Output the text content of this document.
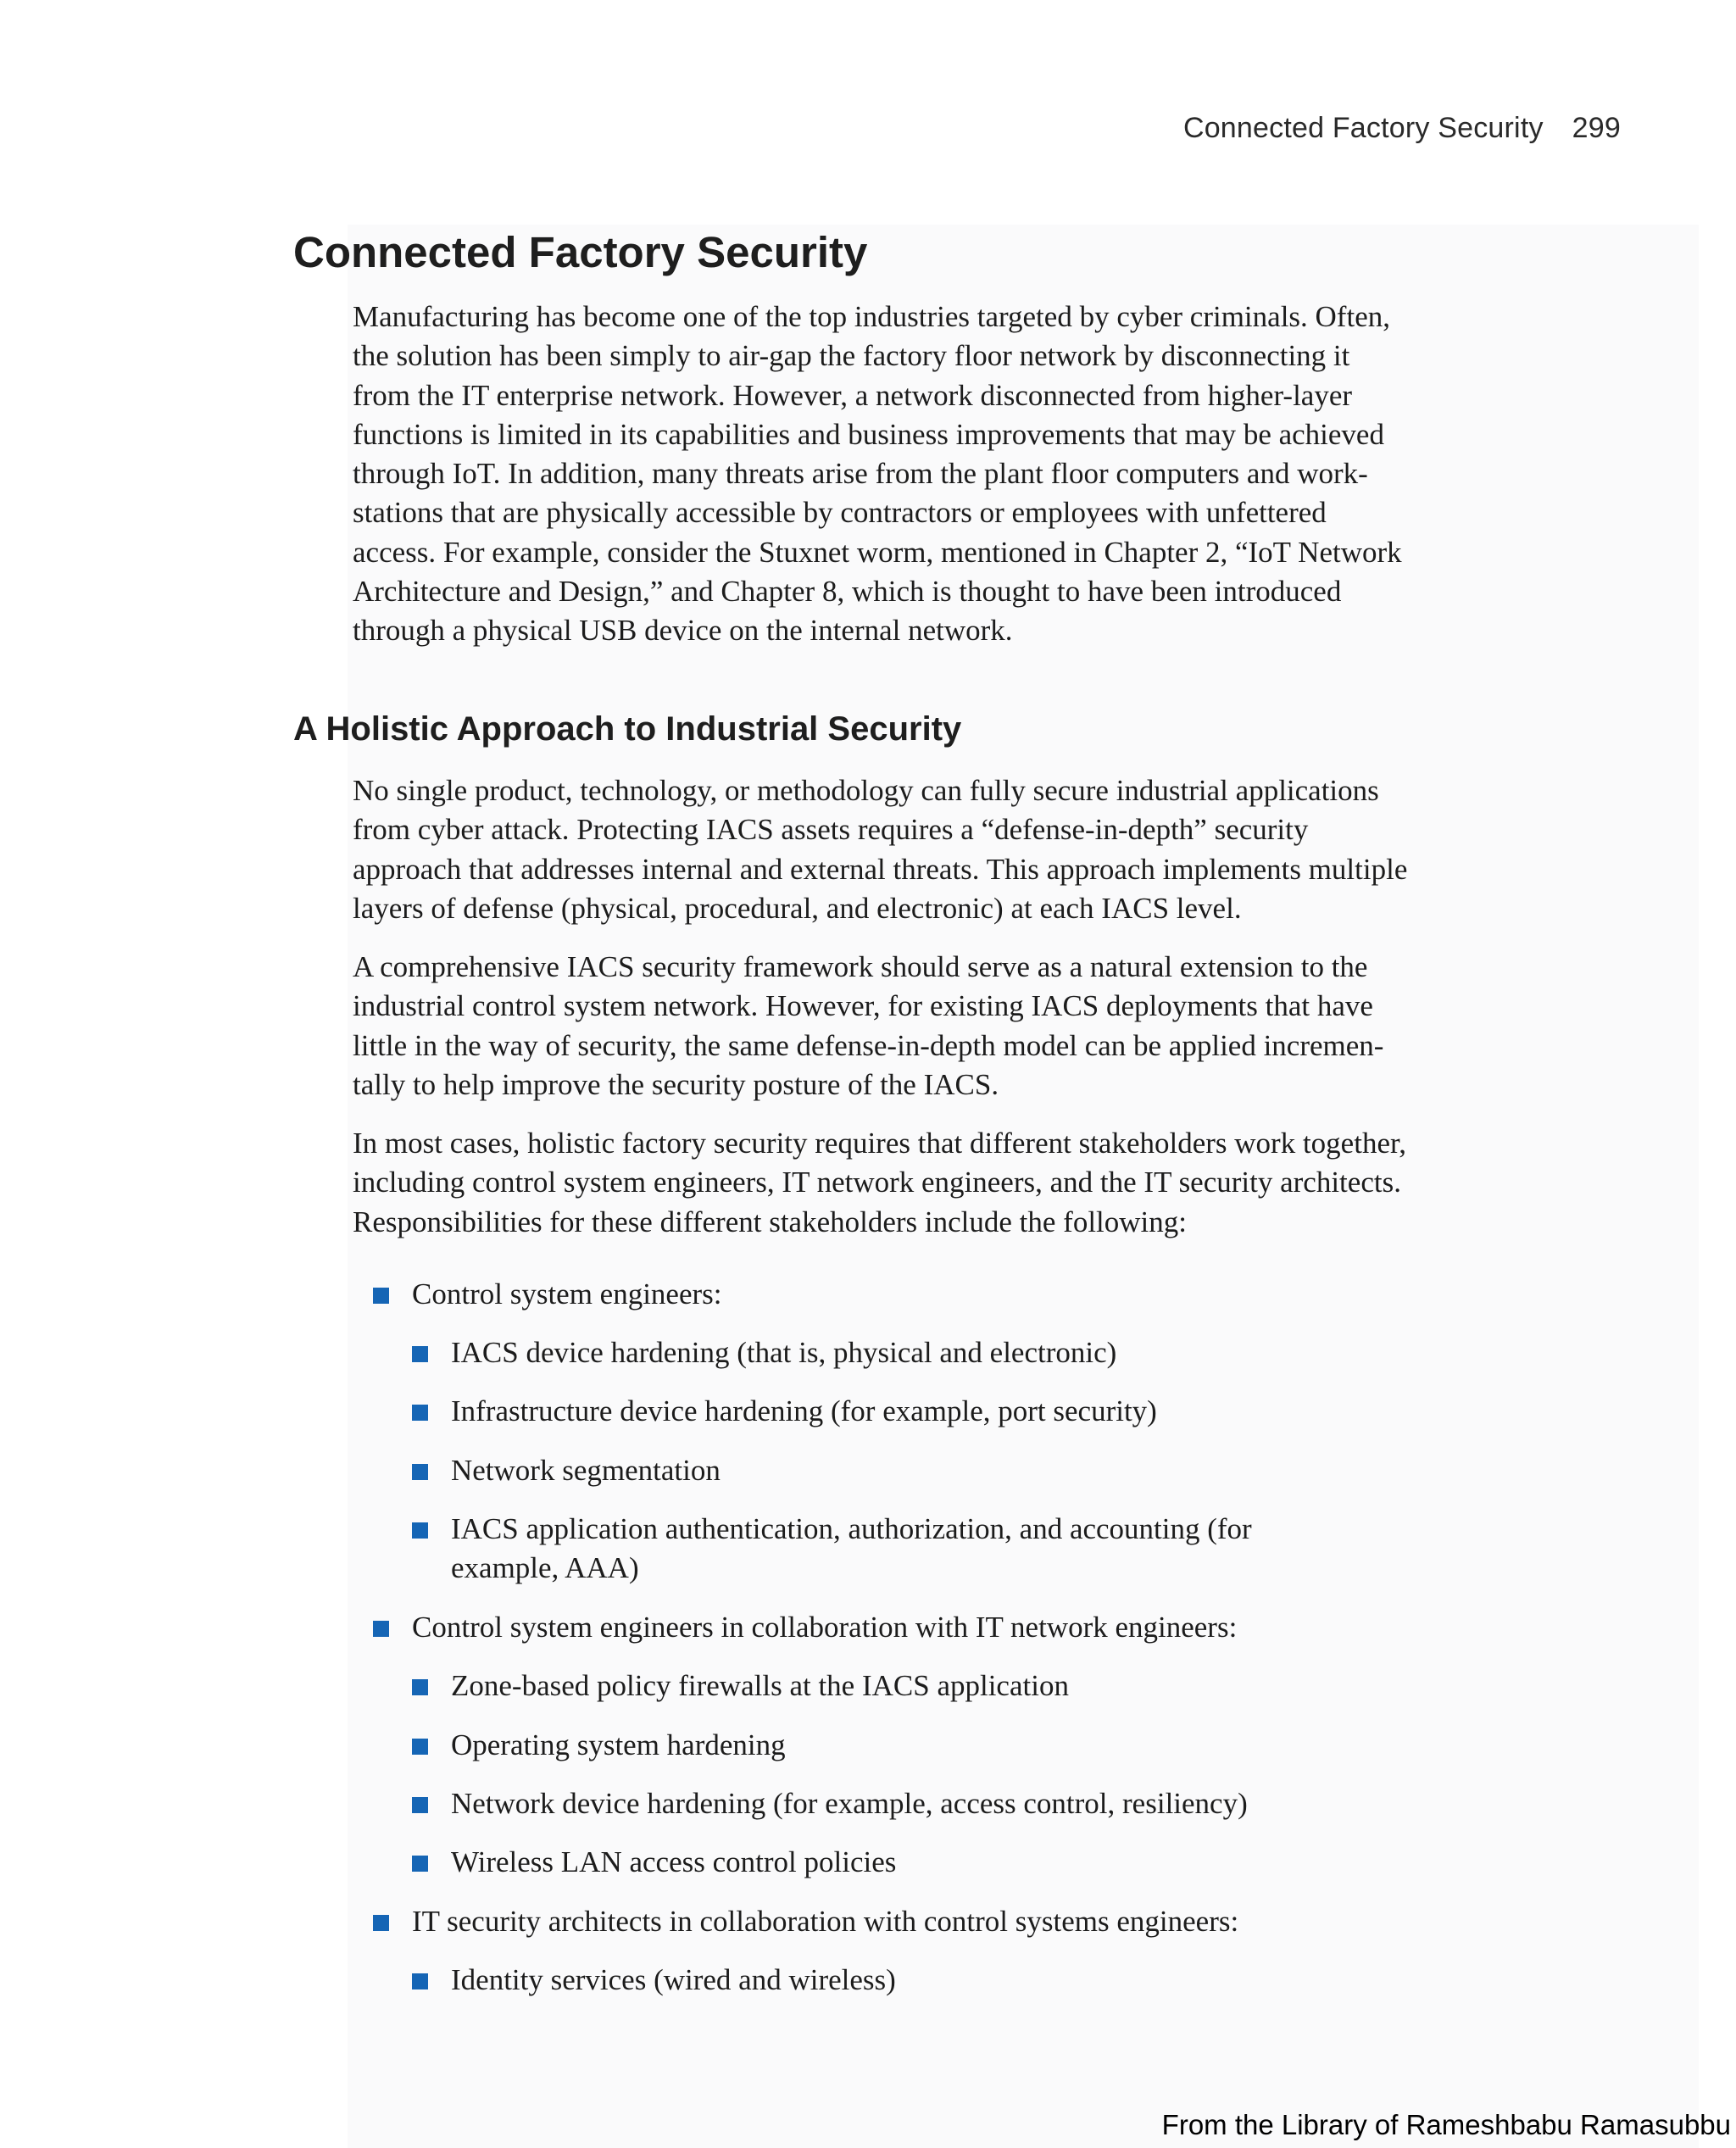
Connected Factory Security 299
Connected Factory Security
Manufacturing has become one of the top industries targeted by cyber criminals. Often,
the solution has been simply to air-gap the factory floor network by disconnecting it
from the IT enterprise network. However, a network disconnected from higher-layer
functions is limited in its capabilities and business improvements that may be achieved
through IoT. In addition, many threats arise from the plant floor computers and work-
stations that are physically accessible by contractors or employees with unfettered
access. For example, consider the Stuxnet worm, mentioned in Chapter 2, “IoT Network
Architecture and Design,” and Chapter 8, which is thought to have been introduced
through a physical USB device on the internal network.
A Holistic Approach to Industrial Security
No single product, technology, or methodology can fully secure industrial applications
from cyber attack. Protecting IACS assets requires a “defense-in-depth” security
approach that addresses internal and external threats. This approach implements multiple
layers of defense (physical, procedural, and electronic) at each IACS level.
A comprehensive IACS security framework should serve as a natural extension to the
industrial control system network. However, for existing IACS deployments that have
little in the way of security, the same defense-in-depth model can be applied incremen-
tally to help improve the security posture of the IACS.
In most cases, holistic factory security requires that different stakeholders work together,
including control system engineers, IT network engineers, and the IT security architects.
Responsibilities for these different stakeholders include the following:
Control system engineers:
IACS device hardening (that is, physical and electronic)
Infrastructure device hardening (for example, port security)
Network segmentation
IACS application authentication, authorization, and accounting (for
example, AAA)
Control system engineers in collaboration with IT network engineers:
Zone-based policy firewalls at the IACS application
Operating system hardening
Network device hardening (for example, access control, resiliency)
Wireless LAN access control policies
IT security architects in collaboration with control systems engineers:
Identity services (wired and wireless)
From the Library of Rameshbabu Ramasubbu
